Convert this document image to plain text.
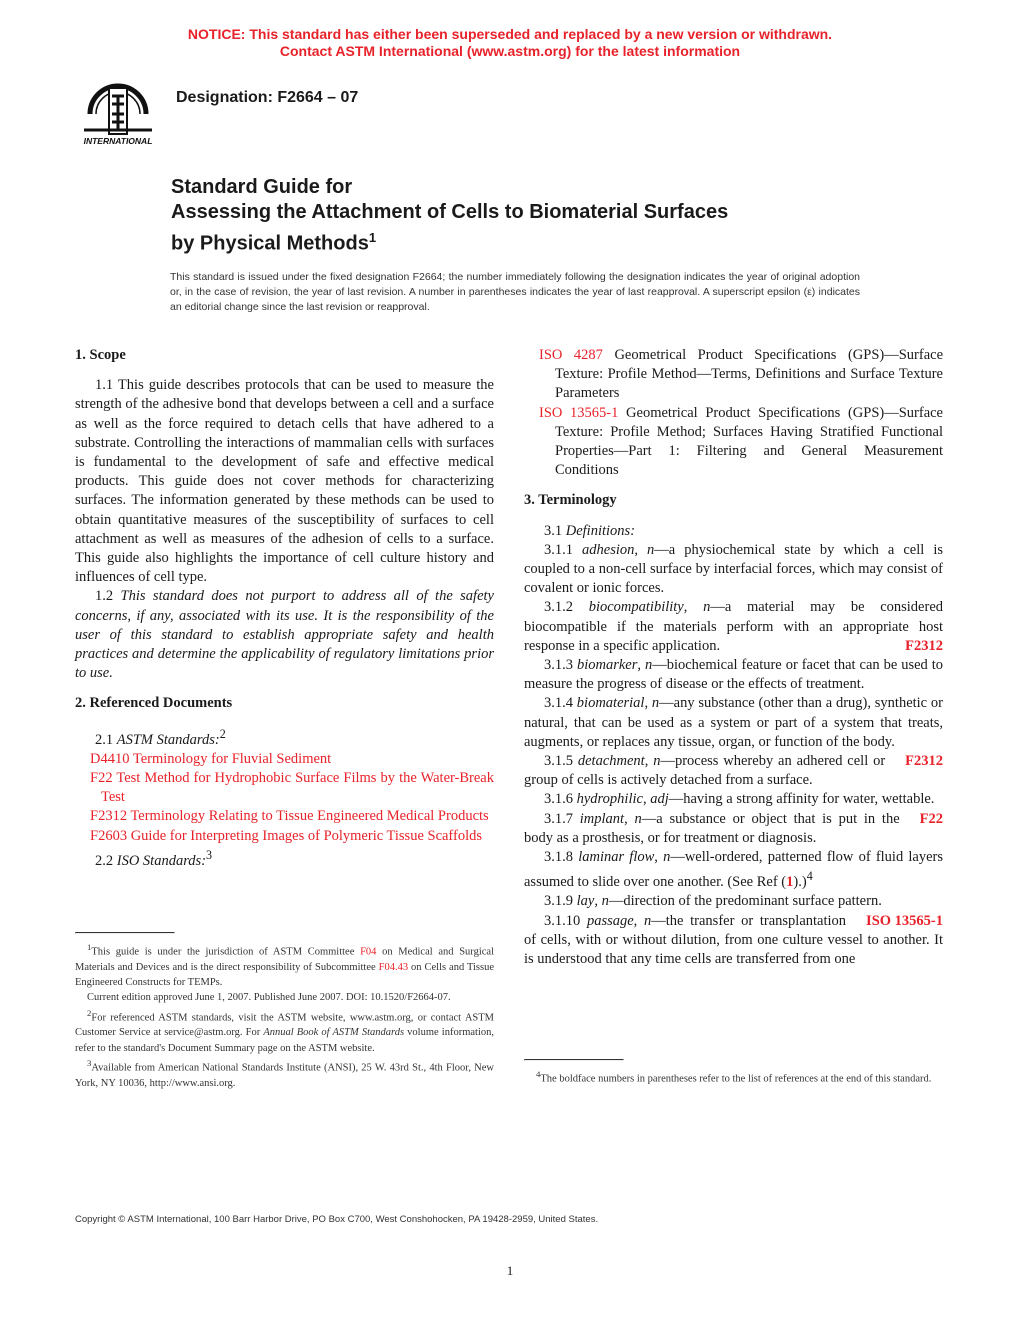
NOTICE: This standard has either been superseded and replaced by a new version or withdrawn.
Contact ASTM International (www.astm.org) for the latest information
INTERNATIONAL
Designation: F2664 – 07
Standard Guide for
Assessing the Attachment of Cells to Biomaterial Surfaces
by Physical Methods$^1$
This standard is issued under the fixed designation F2664; the number immediately following the designation indicates the year of original adoption or, in the case of revision, the year of last revision. A number in parentheses indicates the year of last reapproval. A superscript epsilon (ε) indicates an editorial change since the last revision or reapproval.

1. Scope

1.1 This guide describes protocols that can be used to measure the strength of the adhesive bond that develops between a cell and a surface as well as the force required to detach cells that have adhered to a substrate. Controlling the interactions of mammalian cells with surfaces is fundamental to the development of safe and effective medical products. This guide does not cover methods for characterizing surfaces. The information generated by these methods can be used to obtain quantitative measures of the susceptibility of surfaces to cell attachment as well as measures of the adhesion of cells to a surface. This guide also highlights the importance of cell culture history and influences of cell type.

1.2 This standard does not purport to address all of the safety concerns, if any, associated with its use. It is the responsibility of the user of this standard to establish appropriate safety and health practices and determine the applicability of regulatory limitations prior to use.

2. Referenced Documents

2.1 ASTM Standards:$^2$

D4410 Terminology for Fluvial Sediment

F22 Test Method for Hydrophobic Surface Films by the Water-Break Test

F2312 Terminology Relating to Tissue Engineered Medical Products

F2603 Guide for Interpreting Images of Polymeric Tissue Scaffolds

2.2 ISO Standards:$^3$

$^1$This guide is under the jurisdiction of ASTM Committee F04 on Medical and Surgical Materials and Devices and is the direct responsibility of Subcommittee F04.43 on Cells and Tissue Engineered Constructs for TEMPs.

Current edition approved June 1, 2007. Published June 2007. DOI: 10.1520/F2664-07.

$^2$For referenced ASTM standards, visit the ASTM website, www.astm.org, or contact ASTM Customer Service at service@astm.org. For Annual Book of ASTM Standards volume information, refer to the standard's Document Summary page on the ASTM website.

$^3$Available from American National Standards Institute (ANSI), 25 W. 43rd St., 4th Floor, New York, NY 10036, http://www.ansi.org.

ISO 4287 Geometrical Product Specifications (GPS)—Surface Texture: Profile Method—Terms, Definitions and Surface Texture Parameters

ISO 13565-1 Geometrical Product Specifications (GPS)—Surface Texture: Profile Method; Surfaces Having Stratified Functional Properties—Part 1: Filtering and General Measurement Conditions

3. Terminology

3.1 Definitions:

3.1.1 adhesion, n—a physiochemical state by which a cell is coupled to a non-cell surface by interfacial forces, which may consist of covalent or ionic forces.

3.1.2 biocompatibility, n—a material may be considered biocompatible if the materials perform with an appropriate host response in a specific application.	F2312

3.1.3 biomarker, n—biochemical feature or facet that can be used to measure the progress of disease or the effects of treatment.

3.1.4 biomaterial, n—any substance (other than a drug), synthetic or natural, that can be used as a system or part of a system that treats, augments, or replaces any tissue, organ, or function of the body.
F2312

3.1.5 detachment, n—process whereby an adhered cell or group of cells is actively detached from a surface.

3.1.6 hydrophilic, adj—having a strong affinity for water, wettable.
F22

3.1.7 implant, n—a substance or object that is put in the body as a prosthesis, or for treatment or diagnosis.

3.1.8 laminar flow, n—well-ordered, patterned flow of fluid layers assumed to slide over one another. (See Ref (1).)$^4$

3.1.9 lay, n—direction of the predominant surface pattern.
ISO 13565-1

3.1.10 passage, n—the transfer or transplantation of cells, with or without dilution, from one culture vessel to another. It is understood that any time cells are transferred from one

$^4$The boldface numbers in parentheses refer to the list of references at the end of this standard.

Copyright © ASTM International, 100 Barr Harbor Drive, PO Box C700, West Conshohocken, PA 19428-2959, United States.
1
